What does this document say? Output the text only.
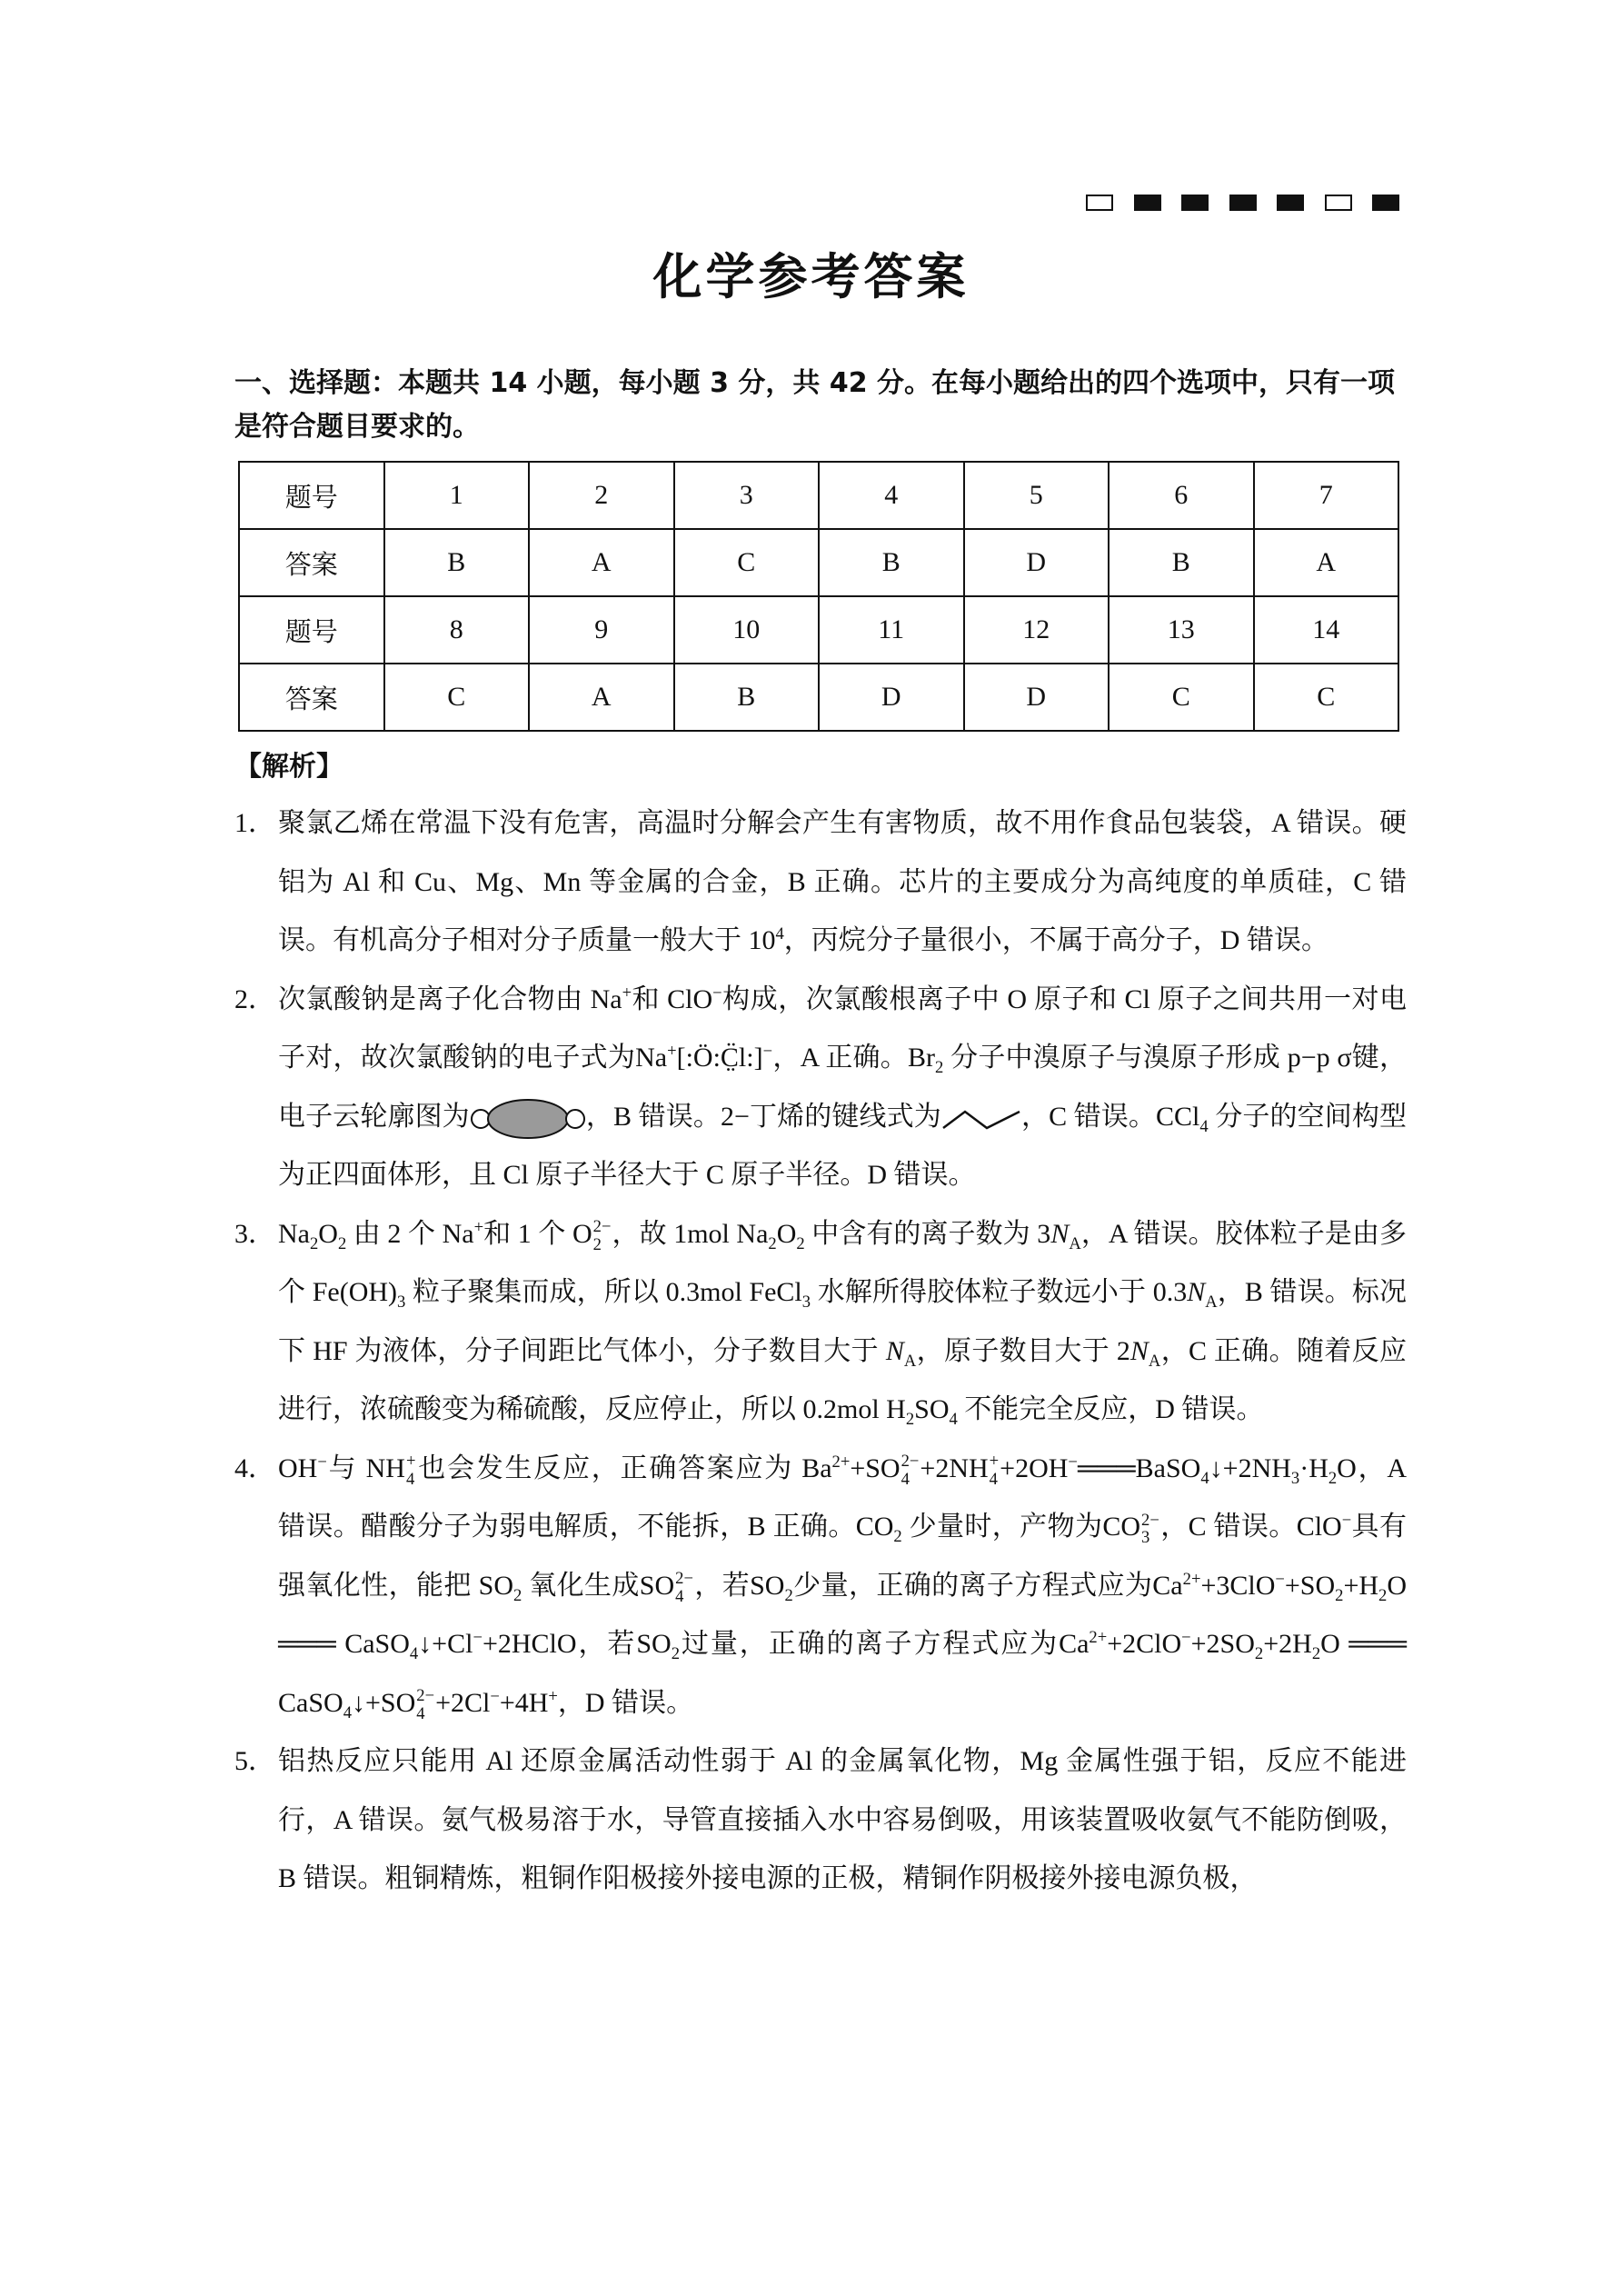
化学参考答案

一、选择题：本题共 14 小题，每小题 3 分，共 42 分。在每小题给出的四个选项中，只有一项是符合题目要求的。

题号	1	2	3	4	5	6	7
答案	B	A	C	B	D	B	A
题号	8	9	10	11	12	13	14
答案	C	A	B	D	D	C	C

【解析】

1． 聚氯乙烯在常温下没有危害，高温时分解会产生有害物质，故不用作食品包装袋，A 错误。硬铝为 Al 和 Cu、Mg、Mn 等金属的合金，B 正确。芯片的主要成分为高纯度的单质硅，C 错误。有机高分子相对分子质量一般大于 $10^4$，丙烷分子量很小，不属于高分子，D 错误。
2． 次氯酸钠是离子化合物由 Na+和 ClO−构成，次氯酸根离子中 O 原子和 Cl 原子之间共用一对电子对，故次氯酸钠的电子式为Na+[:Ö:C̤̈l:]−，A 正确。$Br_2$ 分子中溴原子与溴原子形成 p−p σ键，电子云轮廓图为	，B 错误。2−丁烯的键线式为	，C 错误。CCl$_4$ 分子的空间构型为正四面体形，且 Cl 原子半径大于 C 原子半径。D 错误。
3． $Na_2O_2$ 由 2 个 Na+和 1 个 O 2−
2 ，故 1mol $Na_2O_2$ 中含有的离子数为 $3N_A$，A 错误。胶体粒子是由多个 $Fe(OH)_3$ 粒子聚集而成，所以 0.3mol FeCl$_3$ 水解所得胶体粒子数远小于 $0.3N_A$，B 错误。标况下 HF 为液体，分子间距比气体小，分子数目大于 $N_A$，原子数目大于 $2N_A$，C 正确。随着反应进行，浓硫酸变为稀硫酸，反应停止，所以 0.2mol $H_2SO_4$ 不能完全反应，D 错误。
4． OH−与 NH +
4 也会发生反应，正确答案应为 $Ba^{2+}+SO$ 2−
4 +2NH +
$4 +2OH^-═══BaSO_4↓+2NH_3\cdot H_2O$，A 错误。醋酸分子为弱电解质，不能拆，B 正确。$CO_2$ 少量时，产物为CO 2−
3 ，C 错误。ClO−具有强氧化性，能把 $SO_2$ 氧化生成SO 2−
4 ，若$SO_2$少量，正确的离子方程式应为$Ca^{2+}+3ClO^-+SO_2+H_2O$ ═══ CaSO$_4$↓+Cl−+2HClO，若$SO_2$过量，正确的离子方程式应为$Ca^{2+}+2ClO^-+2SO_2+2H_2O$ ═══ CaSO$_4$↓+SO 2−
4 +2Cl−+4H+，D 错误。
5． 铝热反应只能用 Al 还原金属活动性弱于 Al 的金属氧化物，Mg 金属性强于铝，反应不能进行，A 错误。氨气极易溶于水，导管直接插入水中容易倒吸，用该装置吸收氨气不能防倒吸，B 错误。粗铜精炼，粗铜作阳极接外接电源的正极，精铜作阴极接外接电源负极，
